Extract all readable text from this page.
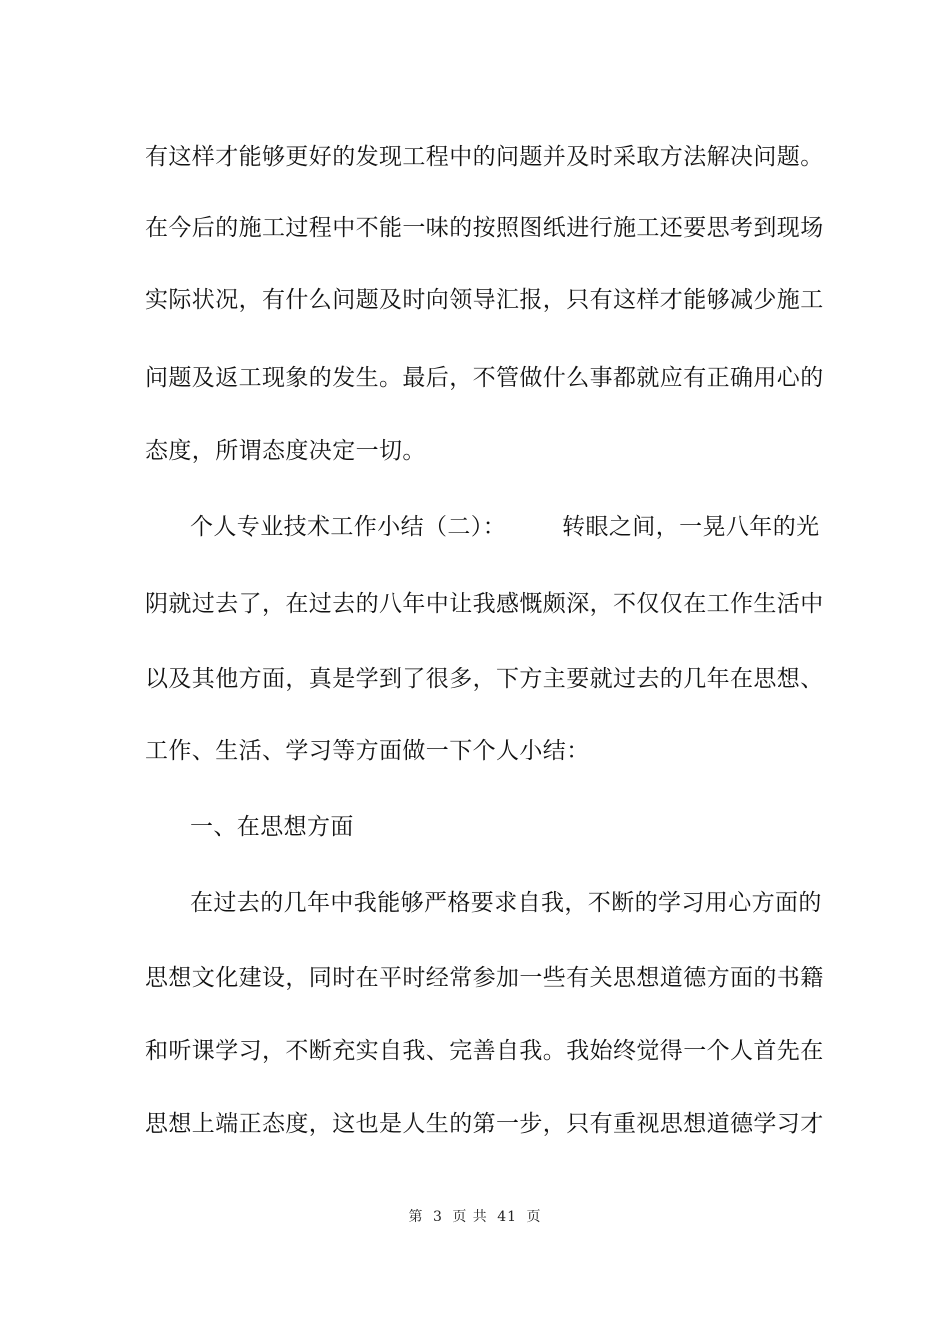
有这样才能够更好的发现工程中的问题并及时采取方法解决问题。
在今后的施工过程中不能一味的按照图纸进行施工还要思考到现场
实际状况，有什么问题及时向领导汇报，只有这样才能够减少施工
问题及返工现象的发生。最后，不管做什么事都就应有正确用心的
态度，所谓态度决定一切。
个人专业技术工作小结（二）： 转眼之间，一晃八年的光
阴就过去了，在过去的八年中让我感慨颇深，不仅仅在工作生活中
以及其他方面，真是学到了很多，下方主要就过去的几年在思想、
工作、生活、学习等方面做一下个人小结：
一、在思想方面
在过去的几年中我能够严格要求自我，不断的学习用心方面的
思想文化建设，同时在平时经常参加一些有关思想道德方面的书籍
和听课学习，不断充实自我、完善自我。我始终觉得一个人首先在
思想上端正态度，这也是人生的第一步，只有重视思想道德学习才
第 3 页 共 41 页
